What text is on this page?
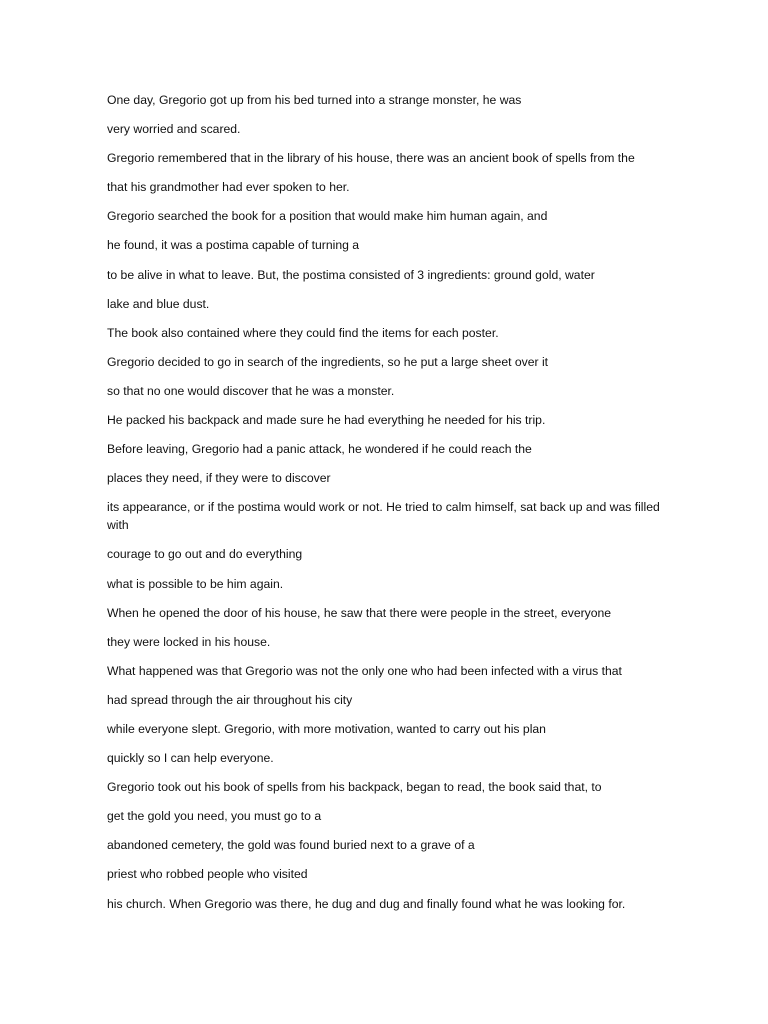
One day, Gregorio got up from his bed turned into a strange monster, he was

very worried and scared.

Gregorio remembered that in the library of his house, there was an ancient book of spells from the

that his grandmother had ever spoken to her.

Gregorio searched the book for a position that would make him human again, and

he found, it was a postima capable of turning a

to be alive in what to leave. But, the postima consisted of 3 ingredients: ground gold, water

lake and blue dust.

The book also contained where they could find the items for each poster.

Gregorio decided to go in search of the ingredients, so he put a large sheet over it

so that no one would discover that he was a monster.

He packed his backpack and made sure he had everything he needed for his trip.

Before leaving, Gregorio had a panic attack, he wondered if he could reach the

places they need, if they were to discover

its appearance, or if the postima would work or not. He tried to calm himself, sat back up and was filled with

courage to go out and do everything

what is possible to be him again.

When he opened the door of his house, he saw that there were people in the street, everyone

they were locked in his house.

What happened was that Gregorio was not the only one who had been infected with a virus that

had spread through the air throughout his city

while everyone slept. Gregorio, with more motivation, wanted to carry out his plan

quickly so I can help everyone.

Gregorio took out his book of spells from his backpack, began to read, the book said that, to

get the gold you need, you must go to a

abandoned cemetery, the gold was found buried next to a grave of a

priest who robbed people who visited

his church. When Gregorio was there, he dug and dug and finally found what he was looking for.
